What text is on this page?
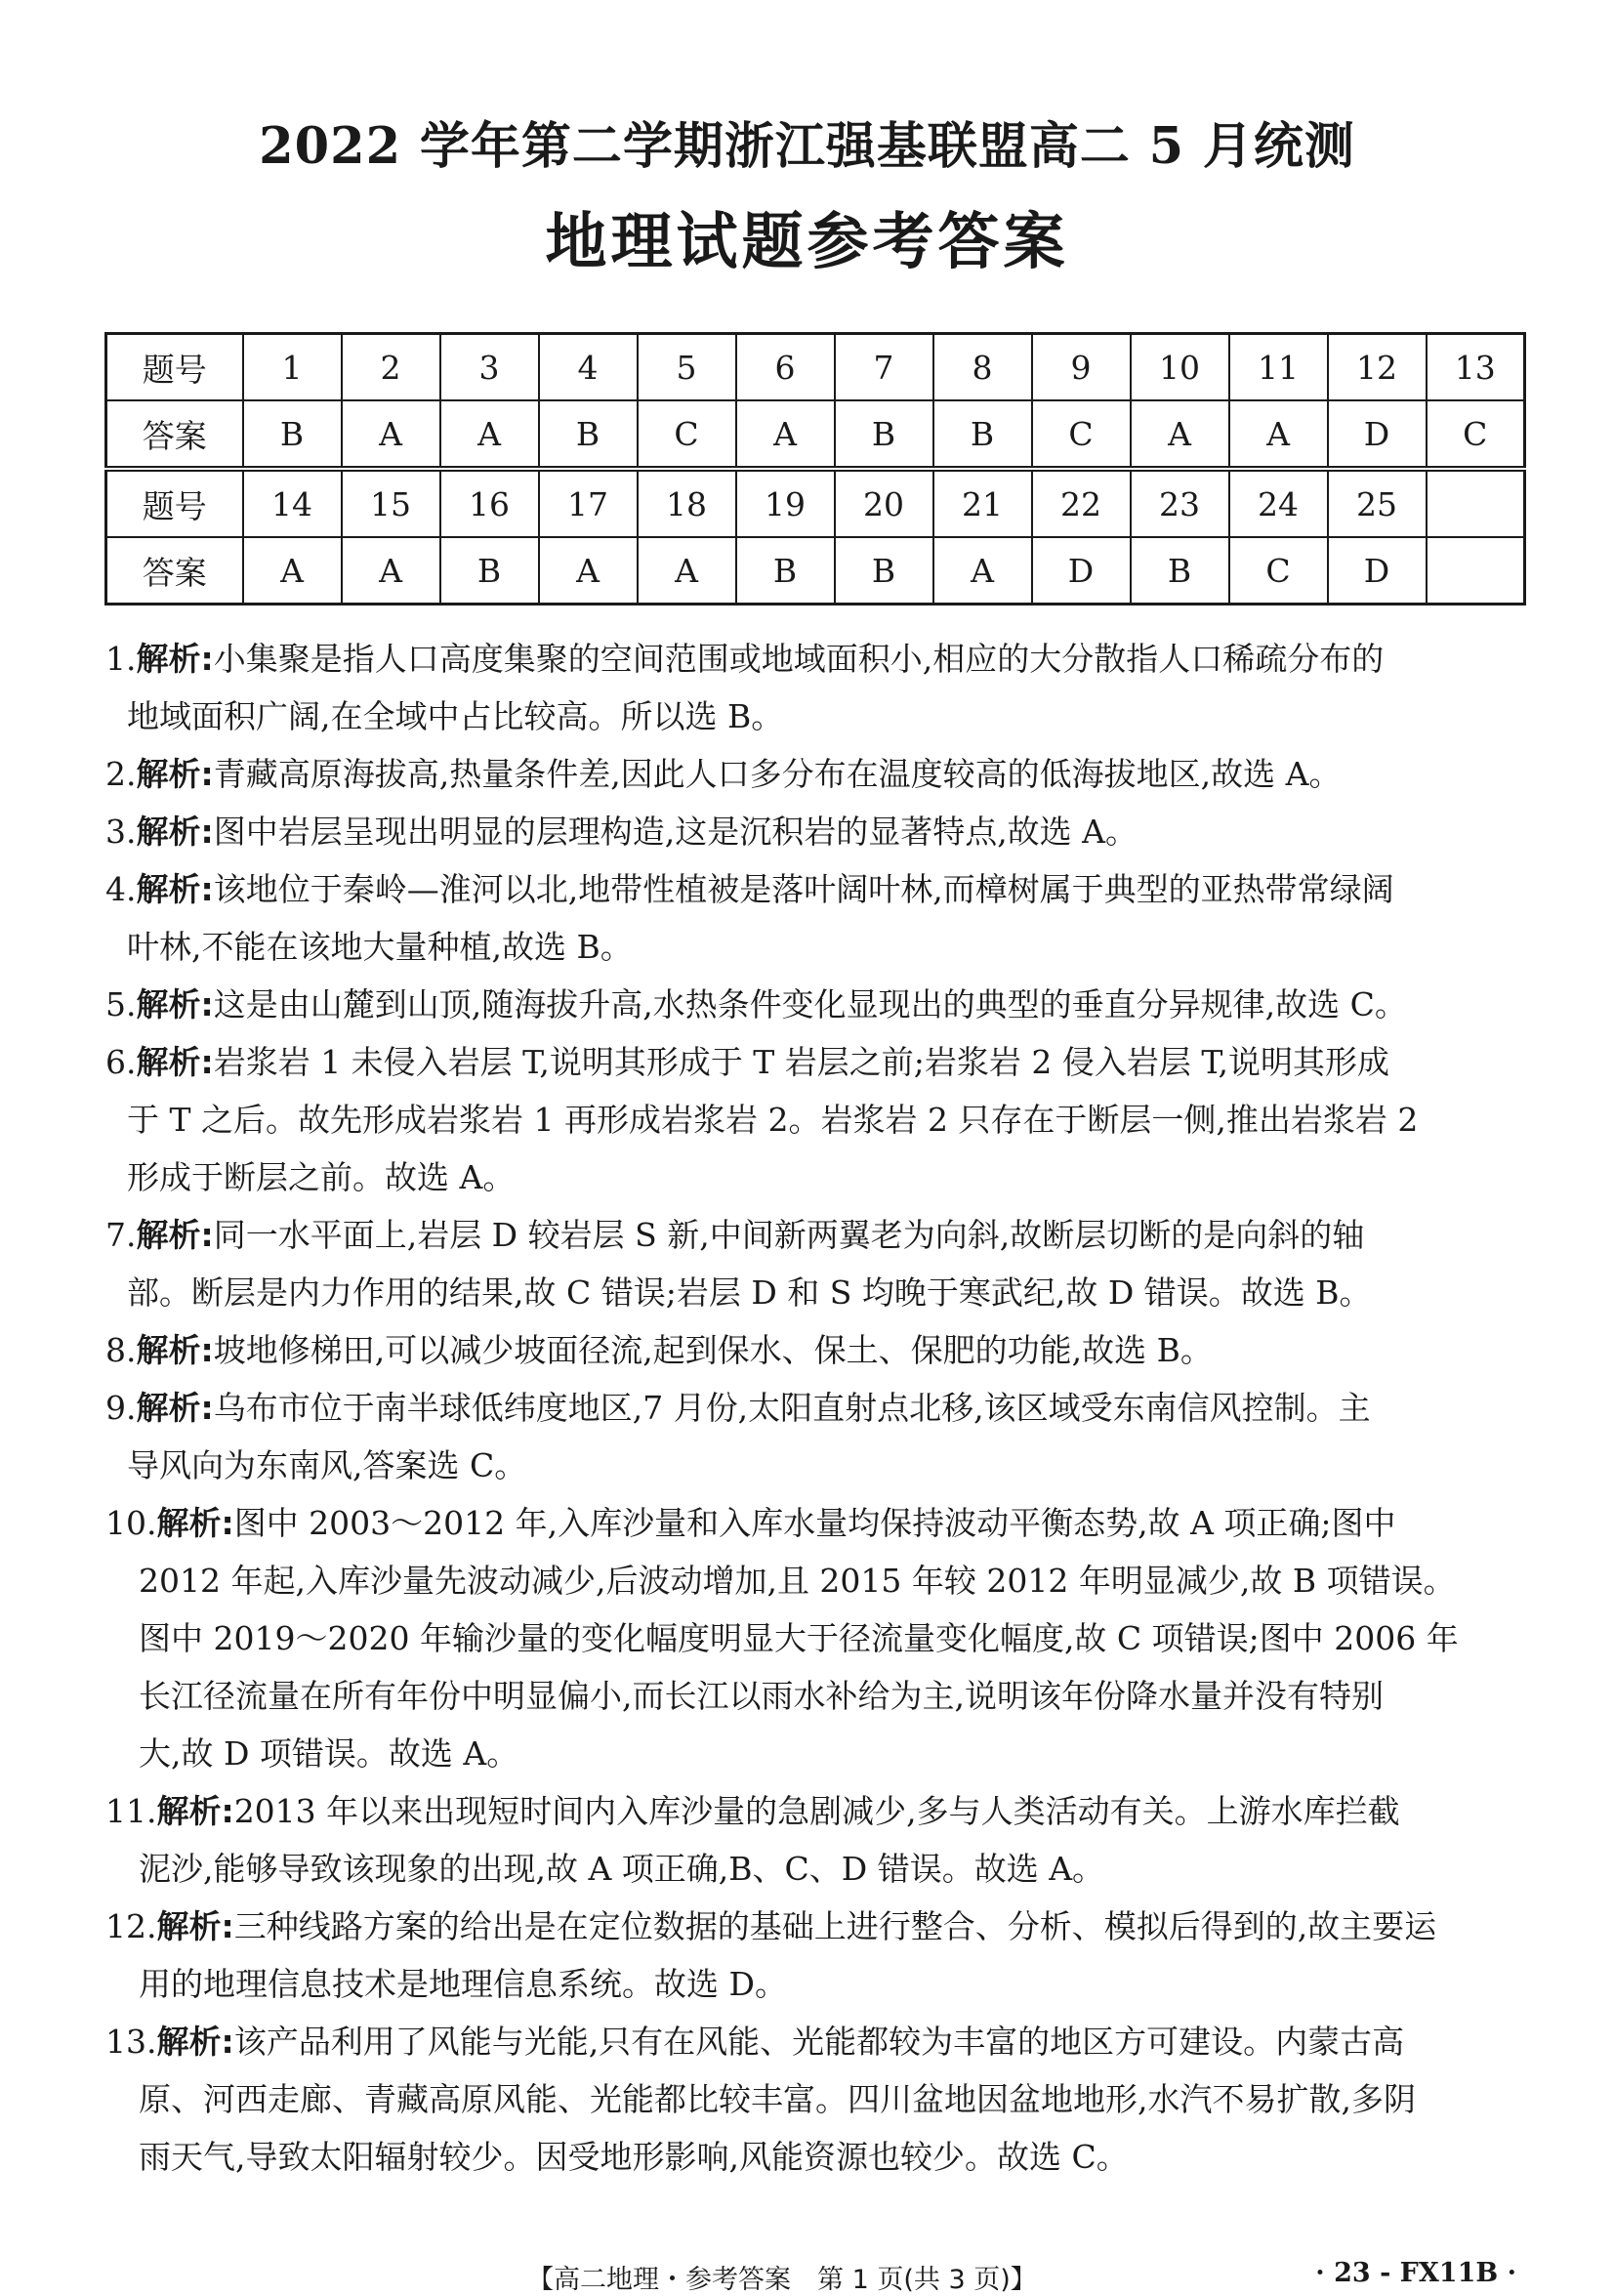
2022 学年第二学期浙江强基联盟高二 5 月统测
地理试题参考答案
题号	1	2	3	4	5	6	7	8	9	10	11	12	13
答案	B	A	A	B	C	A	B	B	C	A	A	D	C
题号	14	15	16	17	18	19	20	21	22	23	24	25	
答案	A	A	B	A	A	B	B	A	D	B	C	D	
1.解析:小集聚是指人口高度集聚的空间范围或地域面积小,相应的大分散指人口稀疏分布的
地域面积广阔,在全域中占比较高。所以选 B。
2.解析:青藏高原海拔高,热量条件差,因此人口多分布在温度较高的低海拔地区,故选 A。
3.解析:图中岩层呈现出明显的层理构造,这是沉积岩的显著特点,故选 A。
4.解析:该地位于秦岭—淮河以北,地带性植被是落叶阔叶林,而樟树属于典型的亚热带常绿阔
叶林,不能在该地大量种植,故选 B。
5.解析:这是由山麓到山顶,随海拔升高,水热条件变化显现出的典型的垂直分异规律,故选 C。
6.解析:岩浆岩 1 未侵入岩层 T,说明其形成于 T 岩层之前;岩浆岩 2 侵入岩层 T,说明其形成
于 T 之后。故先形成岩浆岩 1 再形成岩浆岩 2。岩浆岩 2 只存在于断层一侧,推出岩浆岩 2
形成于断层之前。故选 A。
7.解析:同一水平面上,岩层 D 较岩层 S 新,中间新两翼老为向斜,故断层切断的是向斜的轴
部。断层是内力作用的结果,故 C 错误;岩层 D 和 S 均晚于寒武纪,故 D 错误。故选 B。
8.解析:坡地修梯田,可以减少坡面径流,起到保水、保土、保肥的功能,故选 B。
9.解析:乌布市位于南半球低纬度地区,7 月份,太阳直射点北移,该区域受东南信风控制。主
导风向为东南风,答案选 C。
10.解析:图中 2003～2012 年,入库沙量和入库水量均保持波动平衡态势,故 A 项正确;图中
2012 年起,入库沙量先波动减少,后波动增加,且 2015 年较 2012 年明显减少,故 B 项错误。
图中 2019～2020 年输沙量的变化幅度明显大于径流量变化幅度,故 C 项错误;图中 2006 年
长江径流量在所有年份中明显偏小,而长江以雨水补给为主,说明该年份降水量并没有特别
大,故 D 项错误。故选 A。
11.解析:2013 年以来出现短时间内入库沙量的急剧减少,多与人类活动有关。上游水库拦截
泥沙,能够导致该现象的出现,故 A 项正确,B、C、D 错误。故选 A。
12.解析:三种线路方案的给出是在定位数据的基础上进行整合、分析、模拟后得到的,故主要运
用的地理信息技术是地理信息系统。故选 D。
13.解析:该产品利用了风能与光能,只有在风能、光能都较为丰富的地区方可建设。内蒙古高
原、河西走廊、青藏高原风能、光能都比较丰富。四川盆地因盆地地形,水汽不易扩散,多阴
雨天气,导致太阳辐射较少。因受地形影响,风能资源也较少。故选 C。
【高二地理・参考答案　第 1 页(共 3 页)】	· 23 - FX11B ·
